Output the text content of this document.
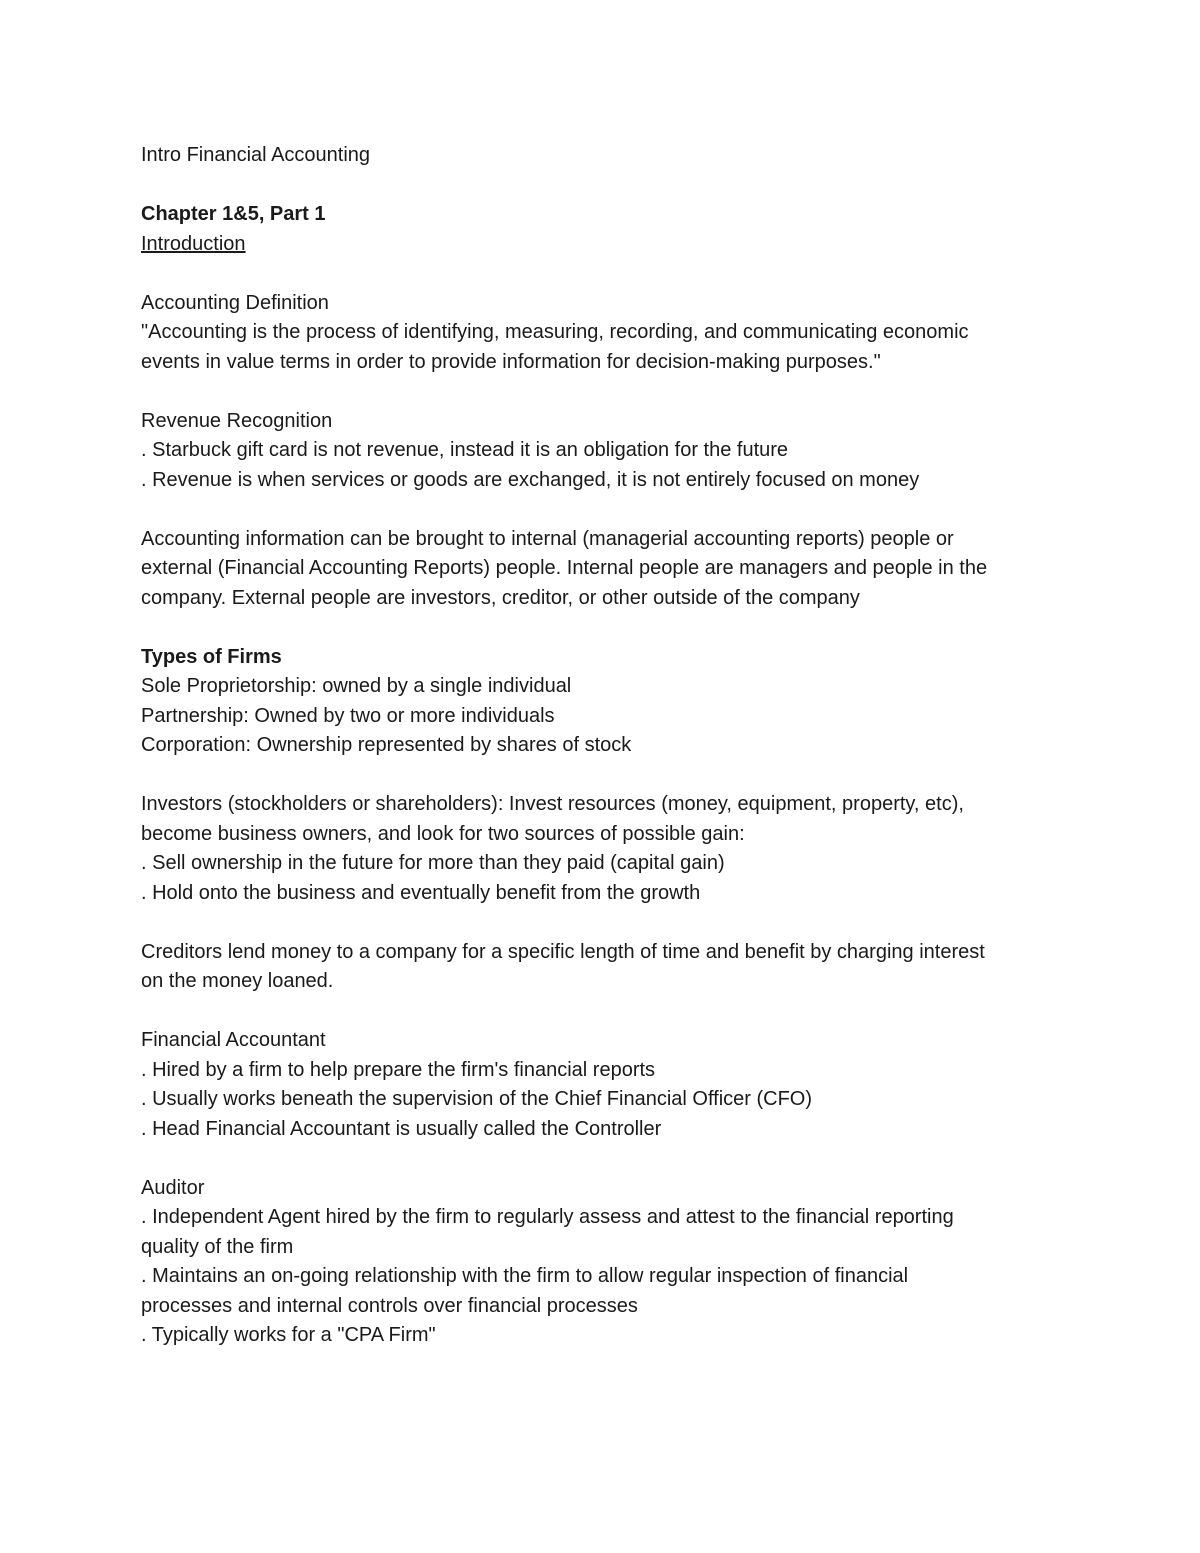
Intro Financial Accounting
Chapter 1&5, Part 1
Introduction
Accounting Definition
"Accounting is the process of identifying, measuring, recording, and communicating economic
events in value terms in order to provide information for decision-making purposes."
Revenue Recognition
. Starbuck gift card is not revenue, instead it is an obligation for the future
. Revenue is when services or goods are exchanged, it is not entirely focused on money
Accounting information can be brought to internal (managerial accounting reports) people or
external (Financial Accounting Reports) people. Internal people are managers and people in the
company. External people are investors, creditor, or other outside of the company
Types of Firms
Sole Proprietorship: owned by a single individual
Partnership: Owned by two or more individuals
Corporation: Ownership represented by shares of stock
Investors (stockholders or shareholders): Invest resources (money, equipment, property, etc),
become business owners, and look for two sources of possible gain:
. Sell ownership in the future for more than they paid (capital gain)
. Hold onto the business and eventually benefit from the growth
Creditors lend money to a company for a specific length of time and benefit by charging interest
on the money loaned.
Financial Accountant
. Hired by a firm to help prepare the firm's financial reports
. Usually works beneath the supervision of the Chief Financial Officer (CFO)
. Head Financial Accountant is usually called the Controller
Auditor
. Independent Agent hired by the firm to regularly assess and attest to the financial reporting
quality of the firm
. Maintains an on-going relationship with the firm to allow regular inspection of financial
processes and internal controls over financial processes
. Typically works for a "CPA Firm"
